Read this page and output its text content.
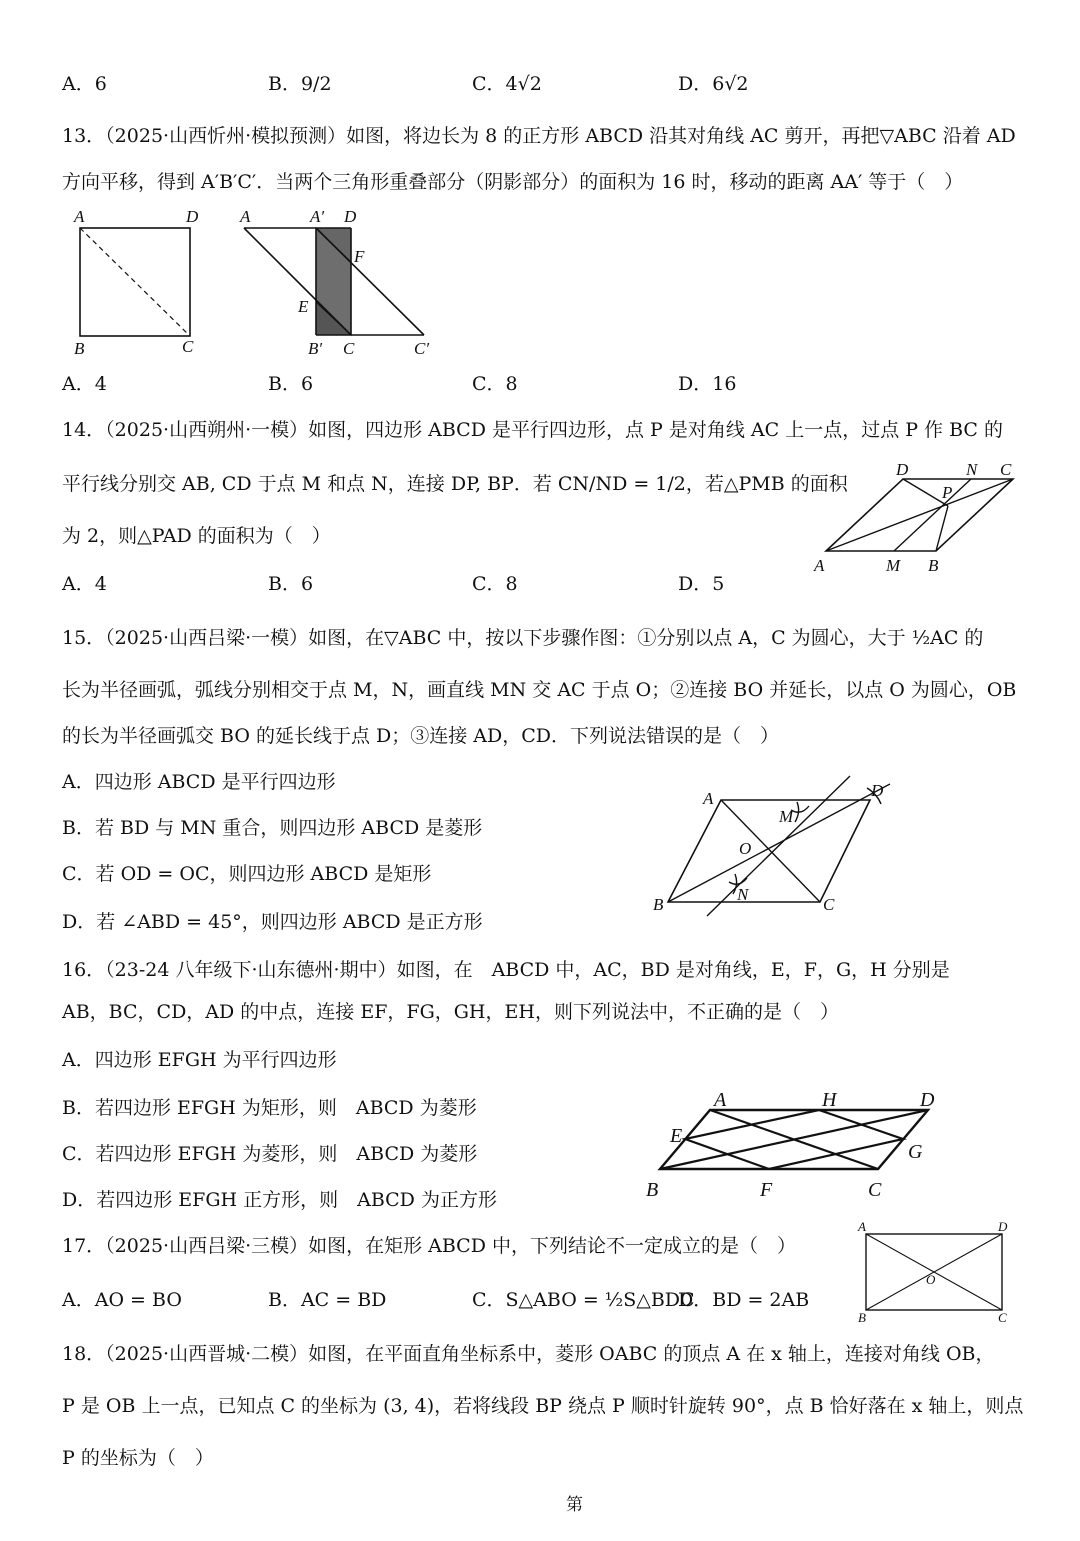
A．6	B．9/2	C．4√2	D．6√2
13．（2025·山西忻州·模拟预测）如图，将边长为 8 的正方形 ABCD 沿其对角线 AC 剪开，再把▽ABC 沿着 AD
方向平移，得到 A′B′C′．当两个三角形重叠部分（阴影部分）的面积为 16 时，移动的距离 AA′ 等于（　）
A	D
B	C
A	A′ D
F
E
B′ C	C′
A．4	B．6	C．8	D．16
14．（2025·山西朔州·一模）如图，四边形 ABCD 是平行四边形，点 P 是对角线 AC 上一点，过点 P 作 BC 的
平行线分别交 AB, CD 于点 M 和点 N，连接 DP, BP．若 CN/ND = 1/2，若△PMB 的面积
为 2，则△PAD 的面积为（　）
D	N C
P
A	M B
A．4	B．6	C．8	D．5
15．（2025·山西吕梁·一模）如图，在▽ABC 中，按以下步骤作图：①分别以点 A，C 为圆心，大于 ½AC 的
长为半径画弧，弧线分别相交于点 M，N，画直线 MN 交 AC 于点 O；②连接 BO 并延长，以点 O 为圆心，OB
的长为半径画弧交 BO 的延长线于点 D；③连接 AD，CD．下列说法错误的是（　）
A．四边形 ABCD 是平行四边形
B．若 BD 与 MN 重合，则四边形 ABCD 是菱形
C．若 OD = OC，则四边形 ABCD 是矩形
D．若 ∠ABD = 45°，则四边形 ABCD 是正方形
A	D
M
O
N
B	C
16．（23-24 八年级下·山东德州·期中）如图，在　ABCD 中，AC，BD 是对角线，E，F，G，H 分别是
AB，BC，CD，AD 的中点，连接 EF，FG，GH，EH，则下列说法中，不正确的是（　）
A．四边形 EFGH 为平行四边形
B．若四边形 EFGH 为矩形，则　ABCD 为菱形
C．若四边形 EFGH 为菱形，则　ABCD 为菱形
D．若四边形 EFGH 正方形，则　ABCD 为正方形
A	H	D
E
G
B	F	C
17．（2025·山西吕梁·三模）如图，在矩形 ABCD 中，下列结论不一定成立的是（　）
A	D
O
B	C
A．AO = BO	B．AC = BD	C．S△ABO = ½S△BDC
D．BD = 2AB
18．（2025·山西晋城·二模）如图，在平面直角坐标系中，菱形 OABC 的顶点 A 在 x 轴上，连接对角线 OB，
P 是 OB 上一点，已知点 C 的坐标为 (3, 4)，若将线段 BP 绕点 P 顺时针旋转 90°，点 B 恰好落在 x 轴上，则点
P 的坐标为（　）
第
